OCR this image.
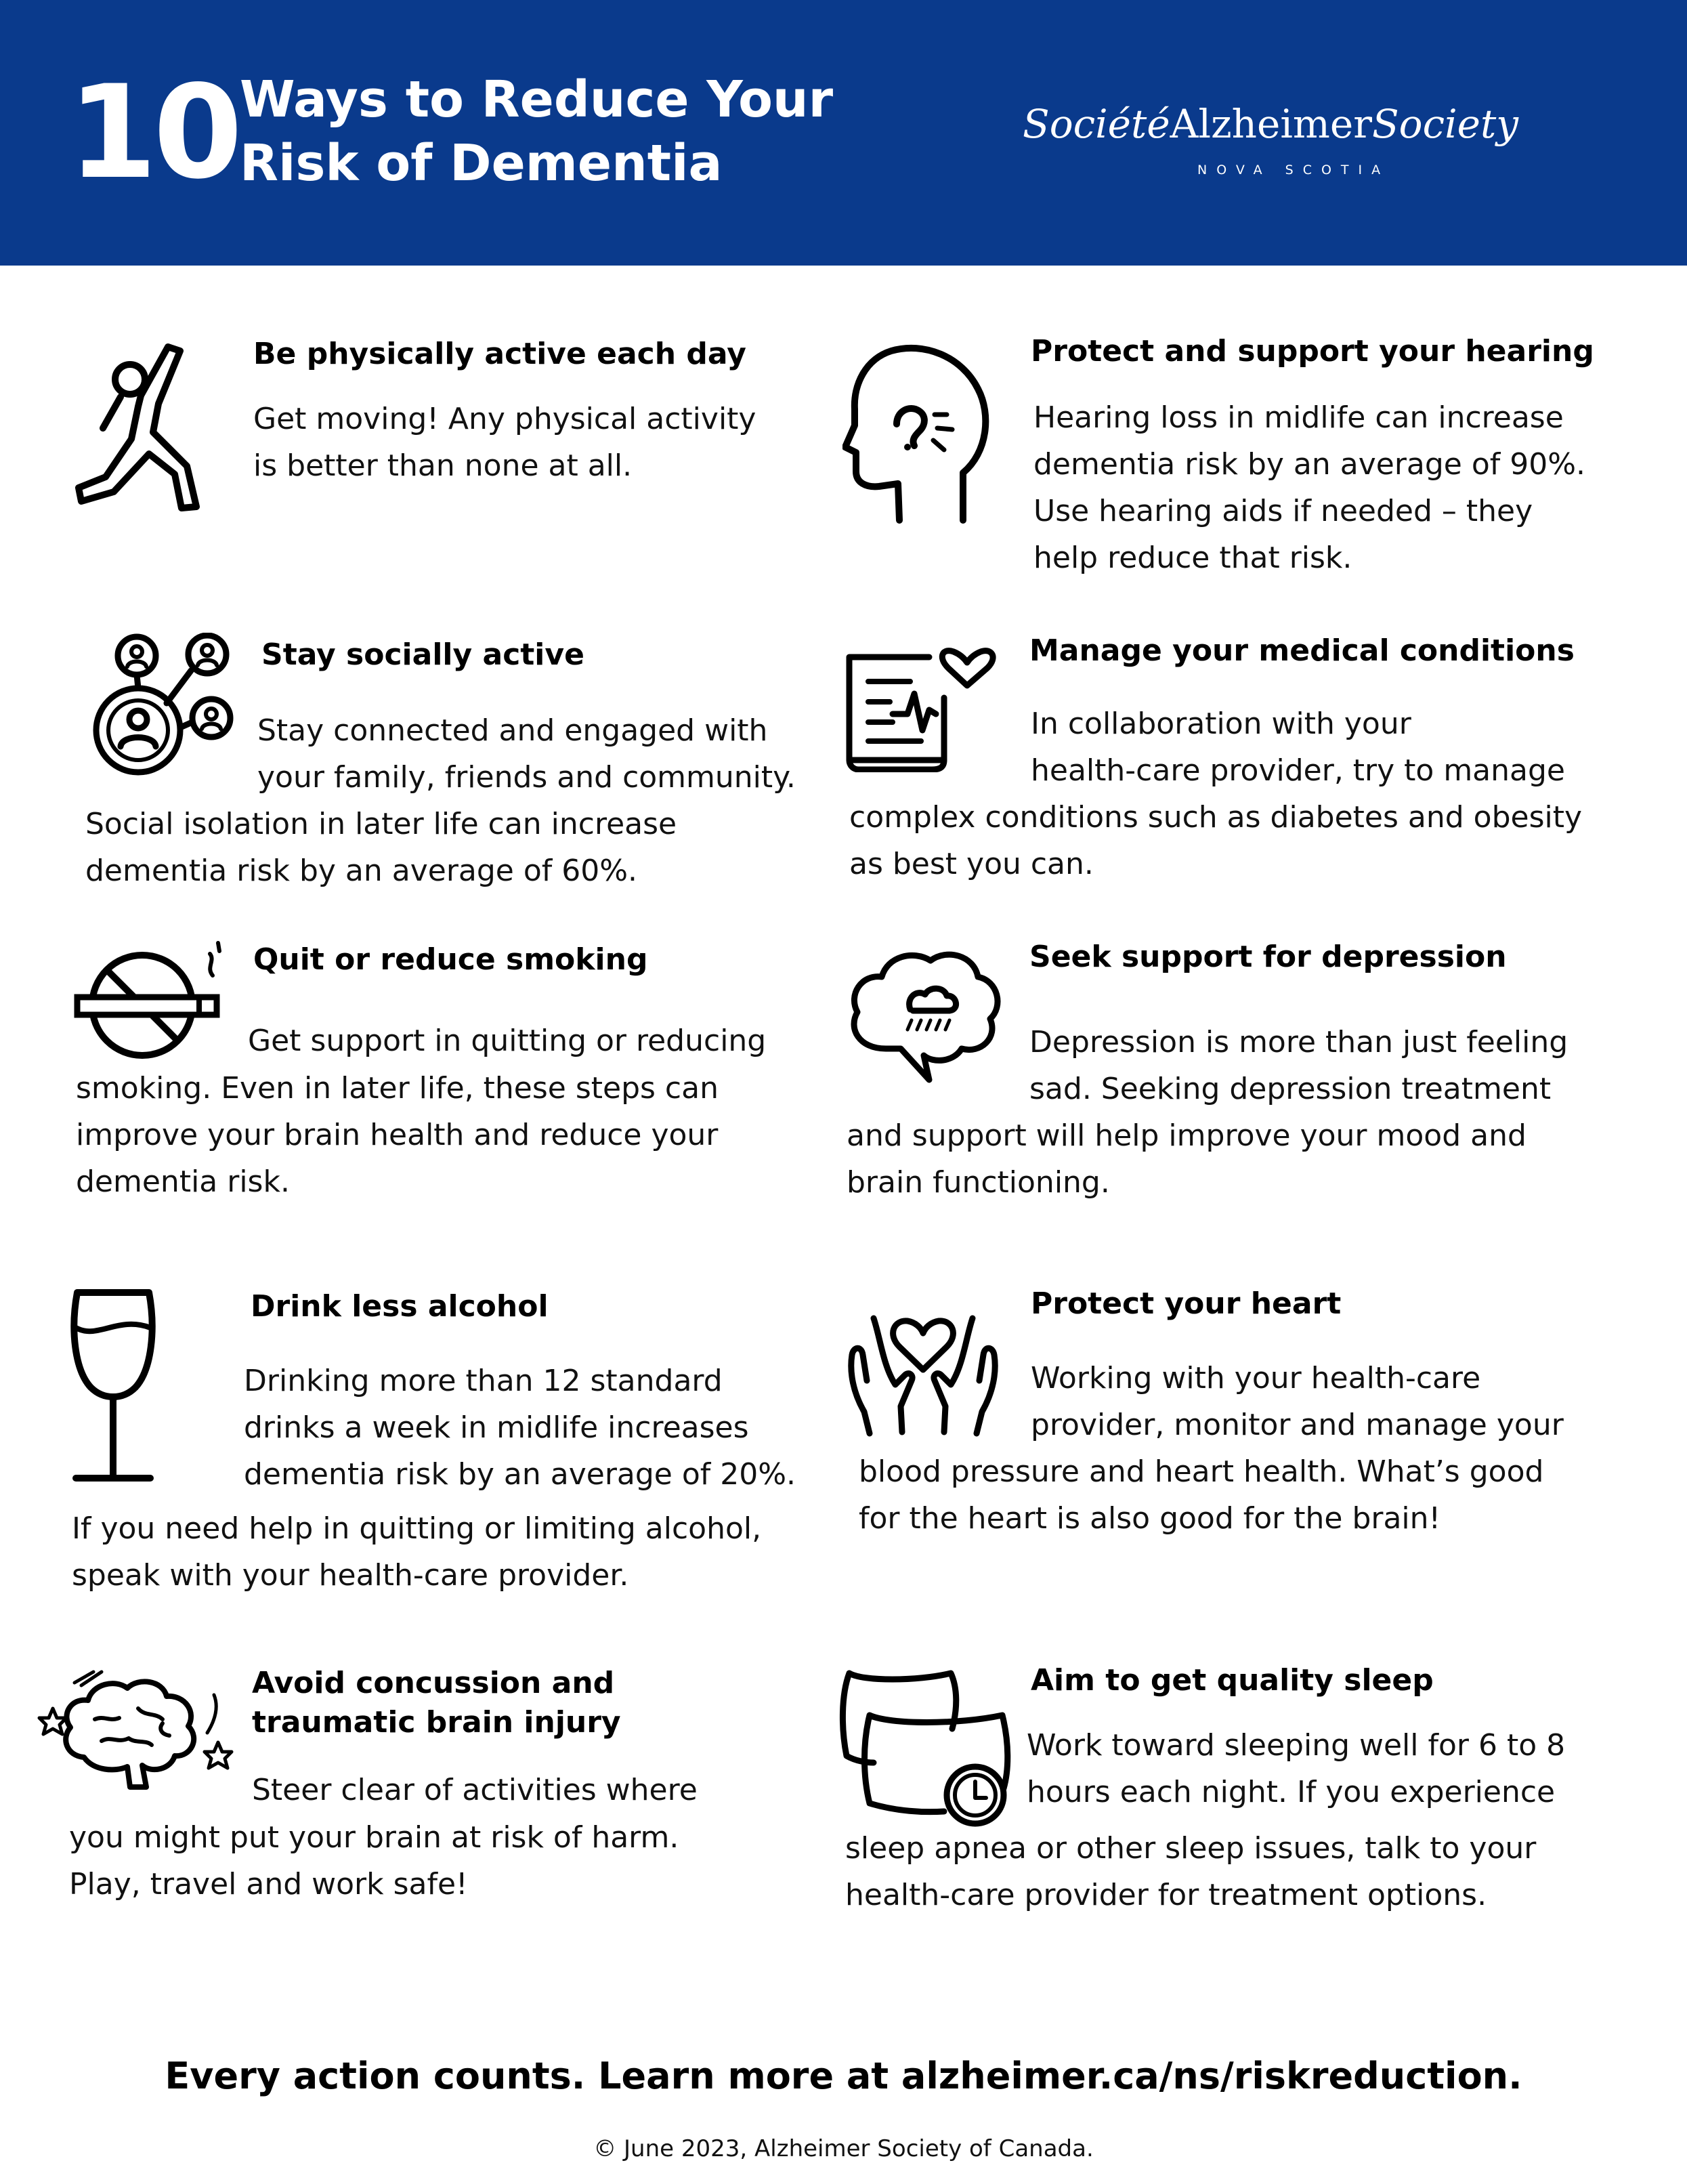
10 Ways to Reduce Your
Risk of Dementia
SociétéAlzheimerSociety
NOVA SCOTIA
Be physically active each day
Get moving! Any physical activity
is better than none at all.
Protect and support your hearing
Hearing loss in midlife can increase
dementia risk by an average of 90%.
Use hearing aids if needed – they
help reduce that risk.
Stay socially active
Stay connected and engaged with
your family, friends and community.
Social isolation in later life can increase
dementia risk by an average of 60%.
Manage your medical conditions
In collaboration with your
health-care provider, try to manage
complex conditions such as diabetes and obesity
as best you can.
Quit or reduce smoking
Get support in quitting or reducing
smoking. Even in later life, these steps can
improve your brain health and reduce your
dementia risk.
Seek support for depression
Depression is more than just feeling
sad. Seeking depression treatment
and support will help improve your mood and
brain functioning.
Drink less alcohol
Drinking more than 12 standard
drinks a week in midlife increases
dementia risk by an average of 20%.
If you need help in quitting or limiting alcohol,
speak with your health-care provider.
Protect your heart
Working with your health-care
provider, monitor and manage your
blood pressure and heart health. What’s good
for the heart is also good for the brain!
Avoid concussion and
traumatic brain injury
Steer clear of activities where
you might put your brain at risk of harm.
Play, travel and work safe!
Aim to get quality sleep
Work toward sleeping well for 6 to 8
hours each night. If you experience
sleep apnea or other sleep issues, talk to your
health-care provider for treatment options.
Every action counts. Learn more at alzheimer.ca/ns/riskreduction.
© June 2023, Alzheimer Society of Canada.
